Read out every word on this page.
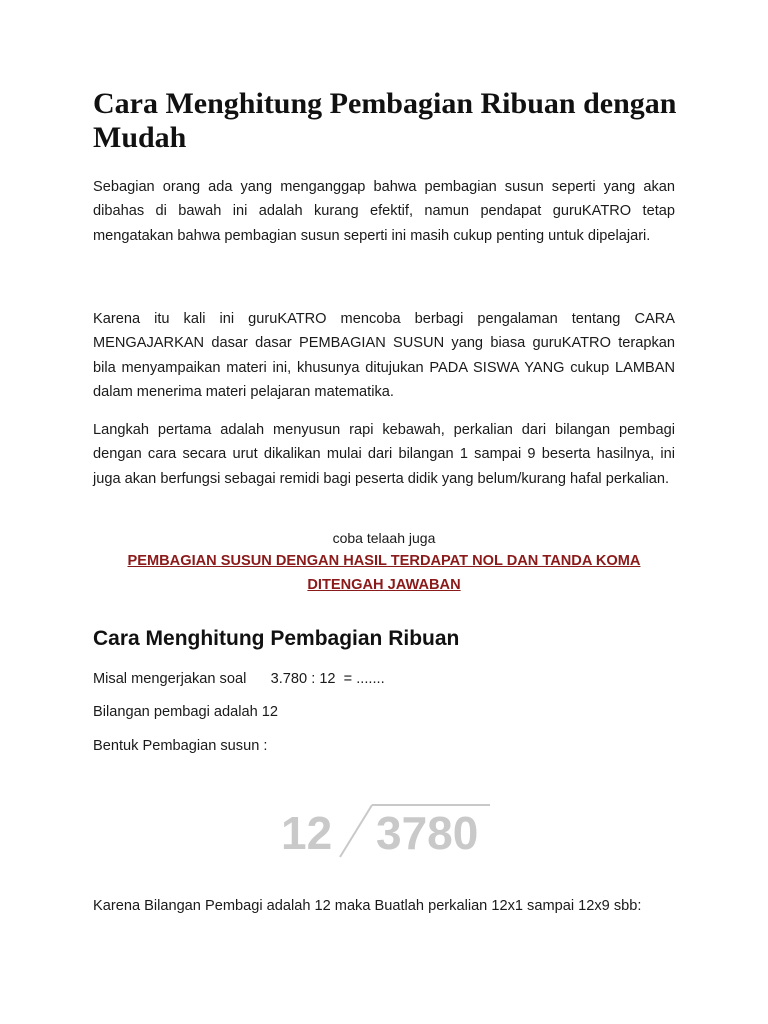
Cara Menghitung Pembagian Ribuan dengan Mudah

Sebagian orang ada yang menganggap bahwa pembagian susun seperti yang akan dibahas di bawah ini adalah kurang efektif, namun pendapat guruKATRO tetap mengatakan bahwa pembagian susun seperti ini masih cukup penting untuk dipelajari.

Karena itu kali ini guruKATRO mencoba berbagi pengalaman tentang CARA MENGAJARKAN dasar dasar PEMBAGIAN SUSUN yang biasa guruKATRO terapkan bila menyampaikan materi ini, khusunya ditujukan PADA SISWA YANG cukup LAMBAN dalam menerima materi pelajaran matematika.

Langkah pertama adalah menyusun rapi kebawah, perkalian dari bilangan pembagi dengan cara secara urut dikalikan mulai dari bilangan 1 sampai 9 beserta hasilnya, ini juga akan berfungsi sebagai remidi bagi peserta didik yang belum/kurang hafal perkalian.

coba telaah juga

PEMBAGIAN SUSUN DENGAN HASIL TERDAPAT NOL DAN TANDA KOMA
DITENGAH JAWABAN

Cara Menghitung Pembagian Ribuan

Misal mengerjakan soal      3.780 : 12  = .......

Bilangan pembagi adalah 12

Bentuk Pembagian susun :

12 3780

Karena Bilangan Pembagi adalah 12 maka Buatlah perkalian 12x1 sampai 12x9 sbb:
